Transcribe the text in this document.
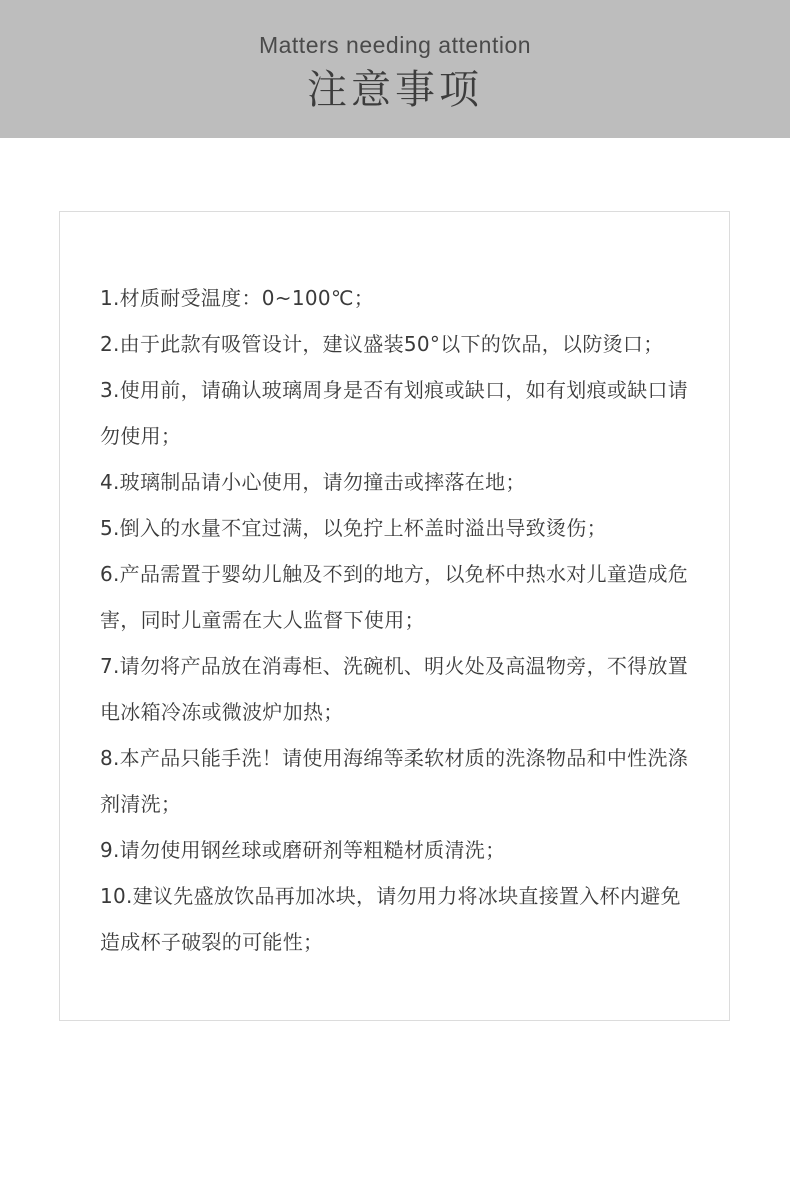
Matters needing attention
注意事项
1.材质耐受温度：0~100℃；
2.由于此款有吸管设计，建议盛装50°以下的饮品，以防烫口；
3.使用前，请确认玻璃周身是否有划痕或缺口，如有划痕或缺口请勿使用；
4.玻璃制品请小心使用，请勿撞击或摔落在地；
5.倒入的水量不宜过满，以免拧上杯盖时溢出导致烫伤；
6.产品需置于婴幼儿触及不到的地方，以免杯中热水对儿童造成危害，同时儿童需在大人监督下使用；
7.请勿将产品放在消毒柜、洗碗机、明火处及高温物旁，不得放置电冰箱冷冻或微波炉加热；
8.本产品只能手洗！请使用海绵等柔软材质的洗涤物品和中性洗涤剂清洗；
9.请勿使用钢丝球或磨研剂等粗糙材质清洗；
10.建议先盛放饮品再加冰块，请勿用力将冰块直接置入杯内避免造成杯子破裂的可能性；
